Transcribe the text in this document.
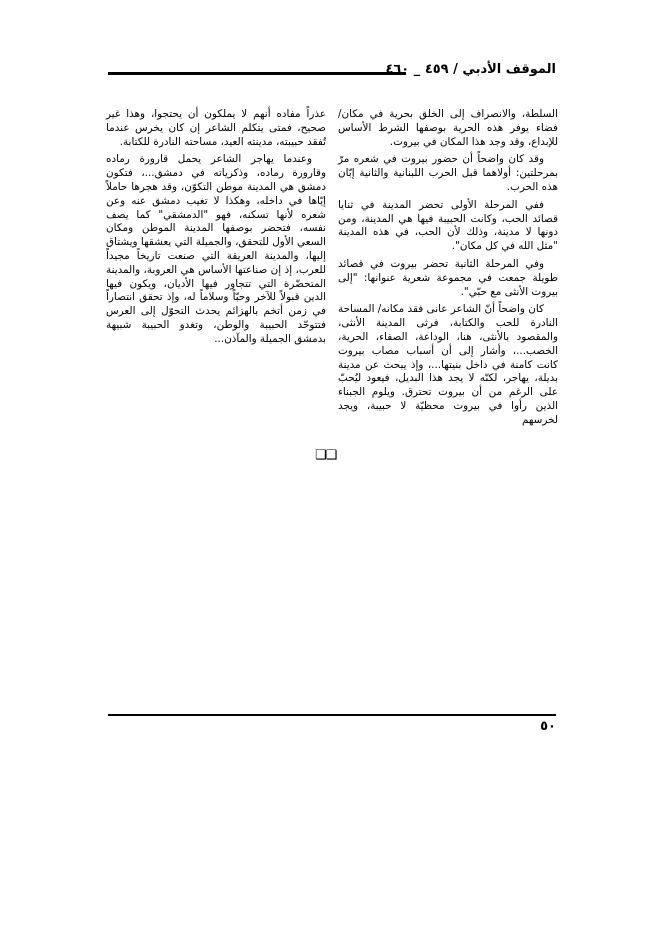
الموقف الأدبي / ٤٥٩ _ ٤٦٠

السلطة، والانصراف إلى الخلق بحرية في مكان/فضاء يوفر هذه الحرية بوصفها الشرط الأساس للإبداع، وقد وجد هذا المكان في بيروت.

وقد كان واضحاً أن حضور بيروت في شعره مرّ بمرحلتين: أولاهما قبل الحرب اللبنانية والثانية إبّان هذه الحرب.

ففي المرحلة الأولى تحضر المدينة في ثنايا قصائد الحب، وكانت الحبيبة فيها هي المدينة، ومن دونها لا مدينة، وذلك لأن الحب، في هذه المدينة "مثل الله في كل مكان".

وفي المرحلة الثانية تحضر بيروت في قصائد طويلة جمعت في مجموعة شعرية عنوانها: "إلى بيروت الأنثى مع حبّي".

كان واضحاً أنّ الشاعر عانى فقد مكانه/ المساحة النادرة للحب والكتابة، فرثى المدينة الأنثى، والمقصود بالأنثى، هنا، الوداعة، الصفاء، الحرية، الخصب...، وأشار إلى أن أسباب مصاب بيروت كانت كامنة في داخل بنيتها...، وإذ يبحث عن مدينة بديلة، يهاجر، لكنّه لا يجد هذا البديل، فيعود ليُحبّ على الرغم من أن بيروت تحترق. ويلوم الجبناء الذين رأوا في بيروت محظيّة لا حبيبة، ويجد لخرسهم

عذراً مفاده أنهم لا يملكون أن يحتجوا، وهذا غير صحيح، فمتى يتكلم الشاعر إن كان يخرس عندما تُفقد حبيبته، مدينته العيد، مساحته النادرة للكتابة.

وعندما يهاجر الشاعر يحمل قارورة رماده وقارورة رماده، وذكرياته في دمشق...، فتكون دمشق هي المدينة موطن التكوّن، وقد هجرها حاملاً إيّاها في داخله، وهكذا لا تغيب دمشق عنه وعن شعره لأنها تسكنه، فهو "الدمشقي" كما يصف نفسه، فتحضر بوصفها المدينة الموطن ومكان السعي الأول للتحقق، والجميلة التي يعشقها ويشتاق إليها، والمدينة العريقة التي صنعت تاريخاً مجيداً للعرب، إذ إن صناعتها الأساس هي العروبة، والمدينة المتحضّرة التي تتجاور فيها الأديان، ويكون فيها الدين قبولاً للآخر وحبّاً وسلاماً له، وإذ تحقق انتصاراً في زمن أتخم بالهزائم يحدث التحوّل إلى العرس فتتوحّد الحبيبة والوطن، وتغدو الحبيبة شبيهة بدمشق الجميلة والمآذن...

❑❑
٥٠
